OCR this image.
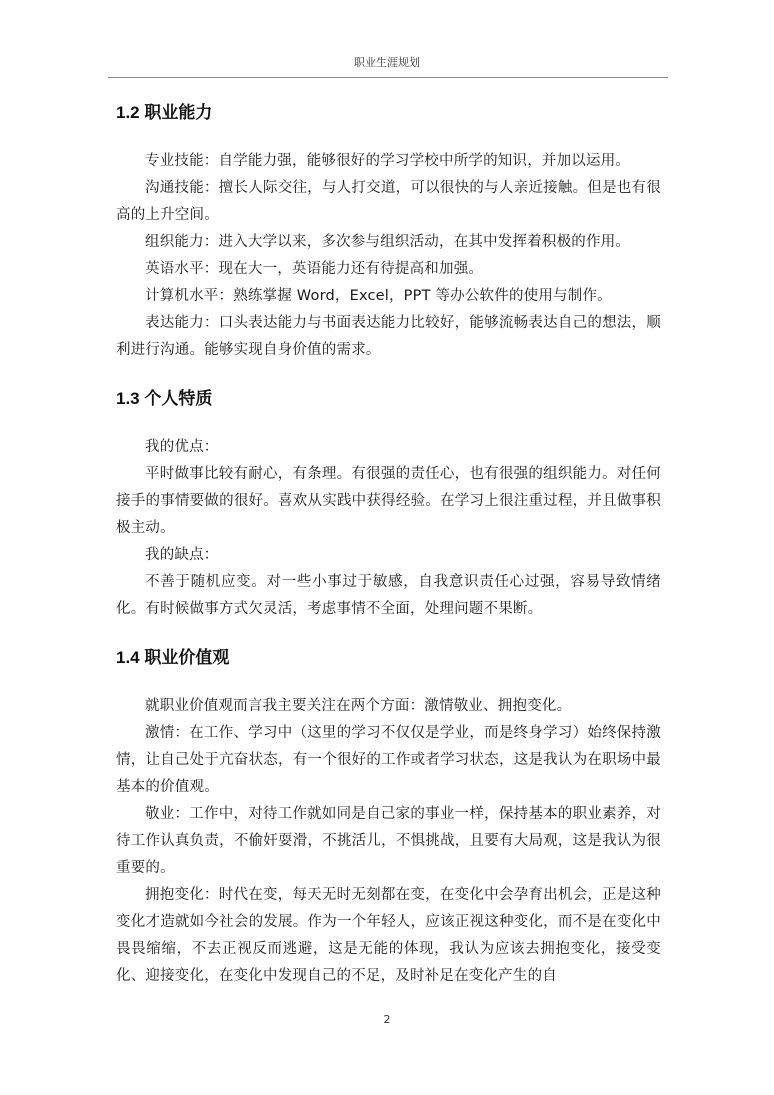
职业生涯规划
1.2 职业能力

专业技能：自学能力强，能够很好的学习学校中所学的知识，并加以运用。

沟通技能：擅长人际交往，与人打交道，可以很快的与人亲近接触。但是也有很高的上升空间。

组织能力：进入大学以来，多次参与组织活动，在其中发挥着积极的作用。

英语水平：现在大一，英语能力还有待提高和加强。

计算机水平：熟练掌握 Word，Excel，PPT 等办公软件的使用与制作。

表达能力：口头表达能力与书面表达能力比较好，能够流畅表达自己的想法，顺利进行沟通。能够实现自身价值的需求。

1.3 个人特质

我的优点：

平时做事比较有耐心，有条理。有很强的责任心，也有很强的组织能力。对任何接手的事情要做的很好。喜欢从实践中获得经验。在学习上很注重过程，并且做事积极主动。

我的缺点：

不善于随机应变。对一些小事过于敏感，自我意识责任心过强，容易导致情绪化。有时候做事方式欠灵活，考虑事情不全面，处理问题不果断。

1.4 职业价值观

就职业价值观而言我主要关注在两个方面：激情敬业、拥抱变化。

激情：在工作、学习中（这里的学习不仅仅是学业，而是终身学习）始终保持激情，让自己处于亢奋状态，有一个很好的工作或者学习状态，这是我认为在职场中最基本的价值观。

敬业：工作中，对待工作就如同是自己家的事业一样，保持基本的职业素养，对待工作认真负责，不偷奸耍滑，不挑活儿，不惧挑战，且要有大局观，这是我认为很重要的。

拥抱变化：时代在变，每天无时无刻都在变，在变化中会孕育出机会，正是这种变化才造就如今社会的发展。作为一个年轻人，应该正视这种变化，而不是在变化中畏畏缩缩，不去正视反而逃避，这是无能的体现，我认为应该去拥抱变化，接受变化、迎接变化，在变化中发现自己的不足，及时补足在变化产生的自

2
